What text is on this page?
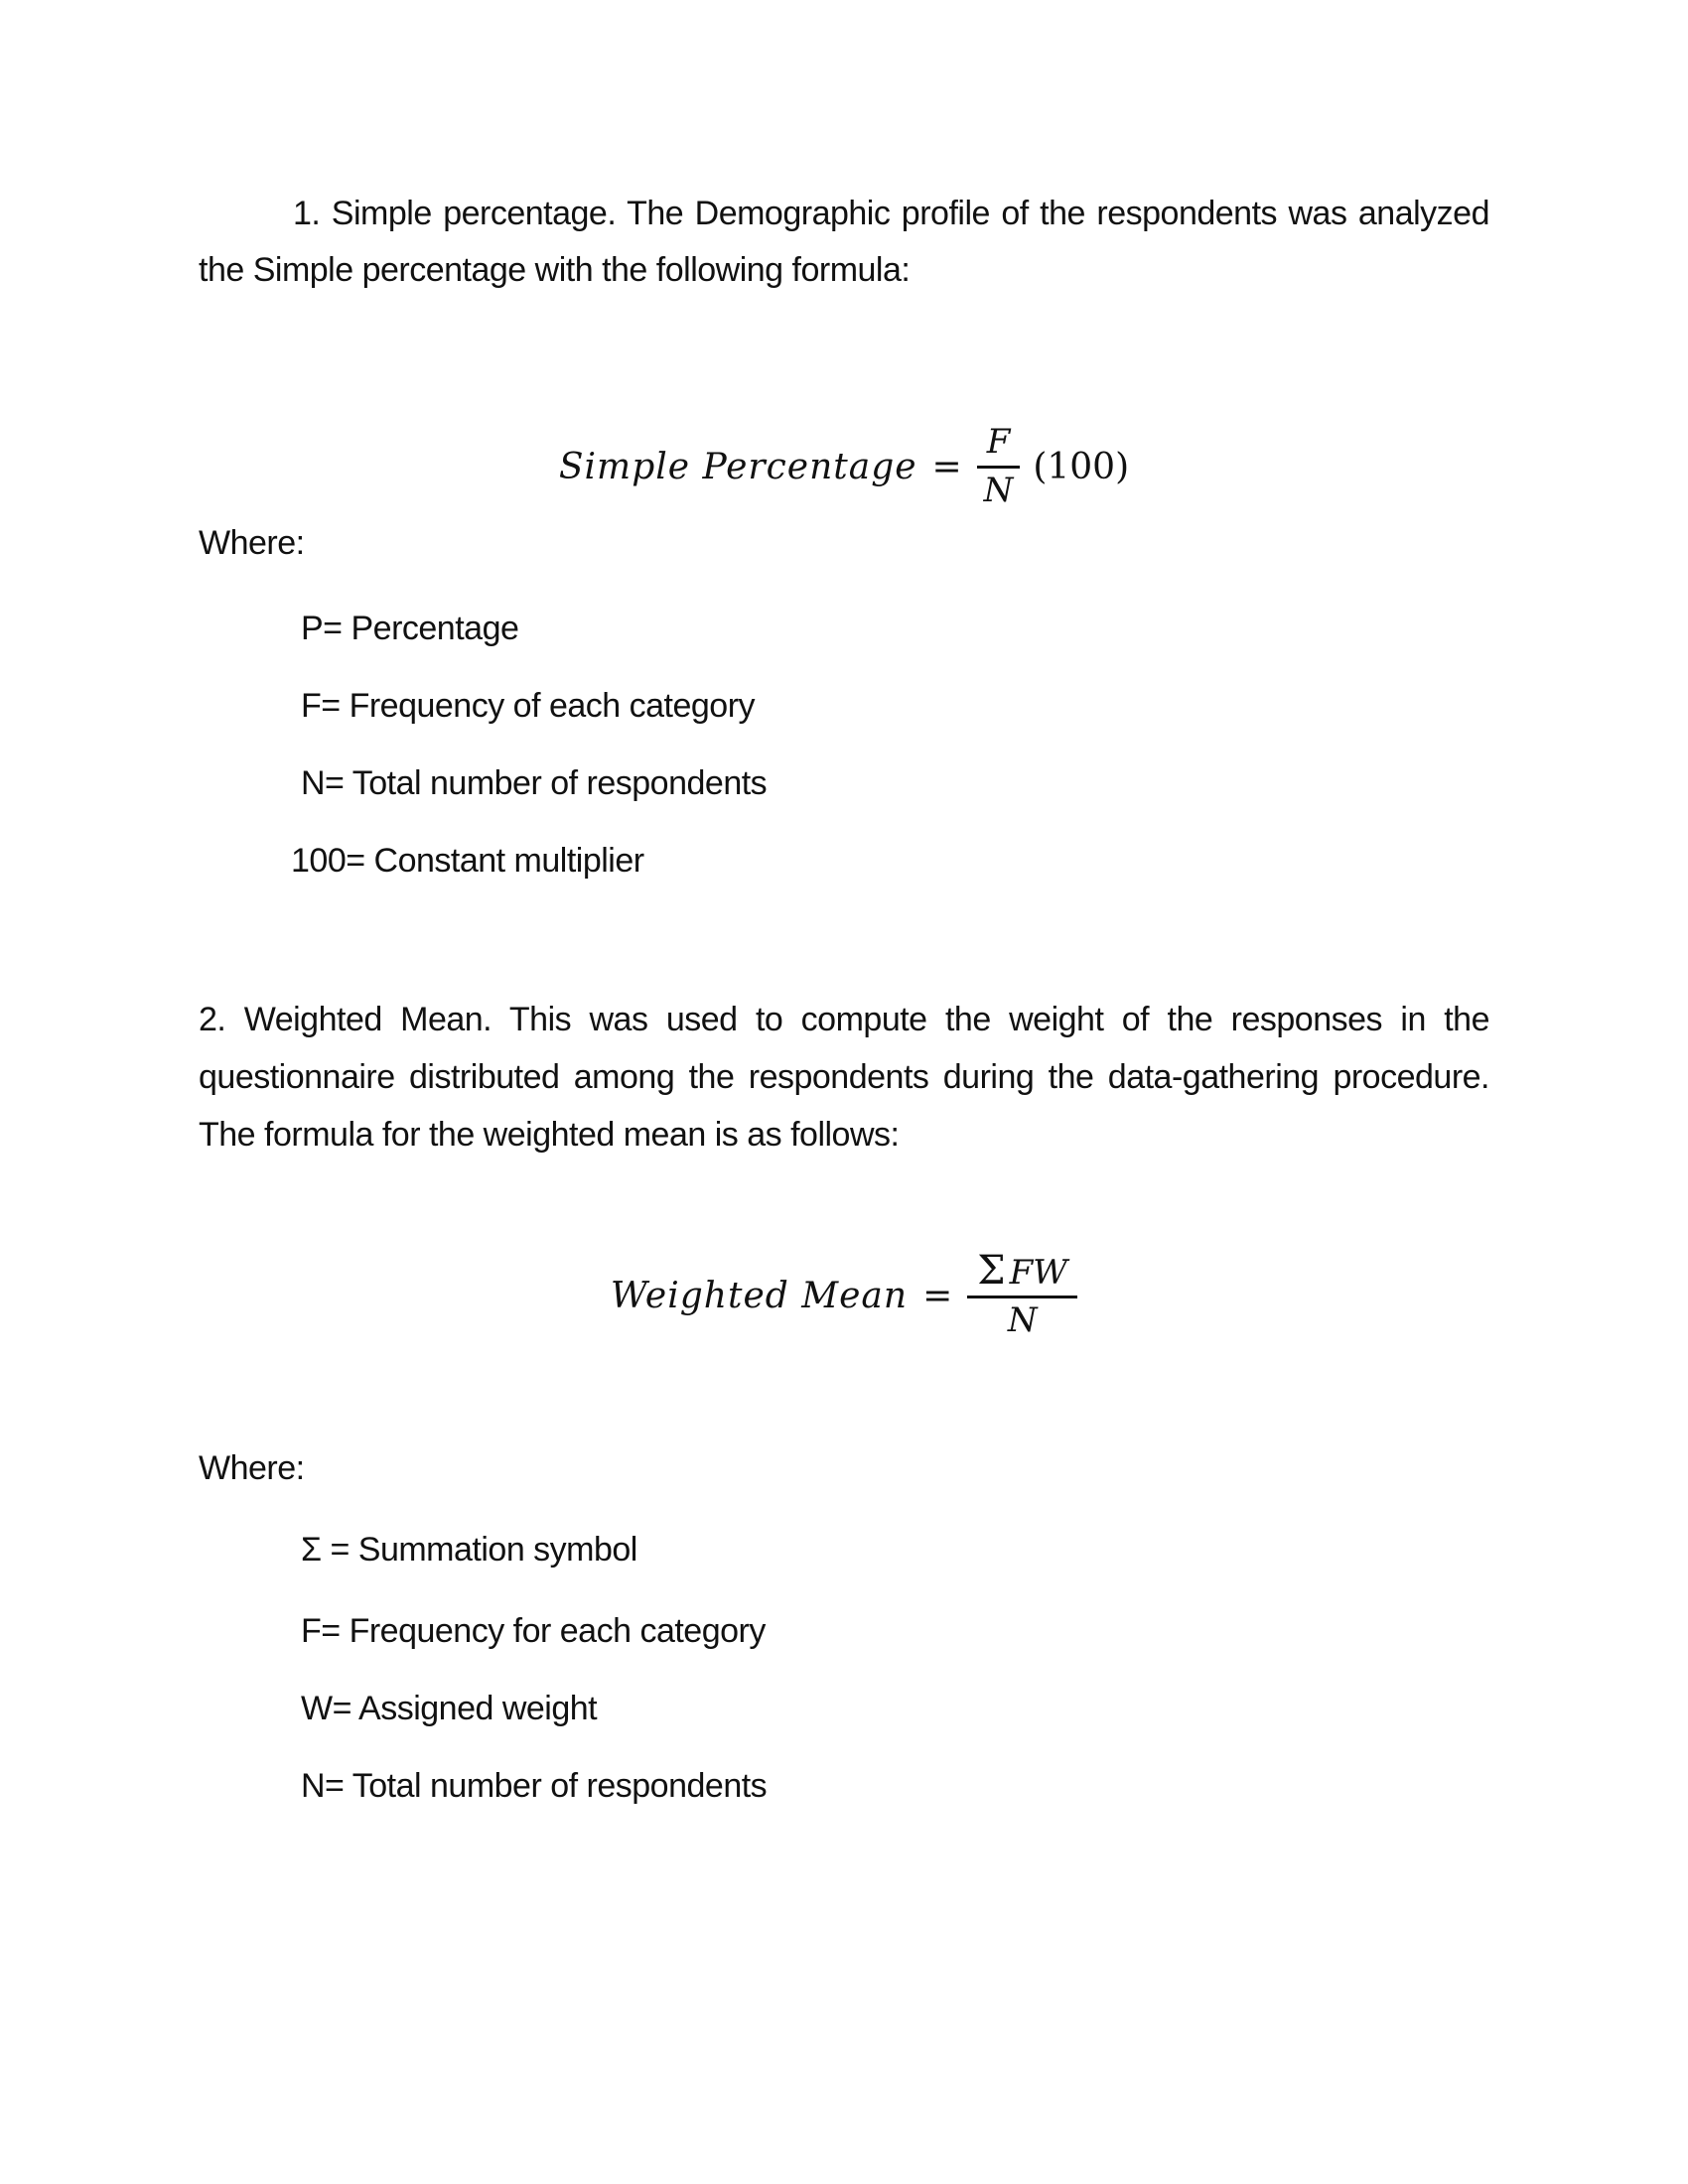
1. Simple percentage. The Demographic profile of the respondents was analyzed
the Simple percentage with the following formula:
Simple Percentage = $\frac{F}{N} (100)$
Where:
P= Percentage
F= Frequency of each category
N= Total number of respondents
100= Constant multiplier
2. Weighted Mean. This was used to compute the weight of the responses in the
questionnaire distributed among the respondents during the data-gathering procedure.
The formula for the weighted mean is as follows:
Weighted Mean = $\frac{\text{Σ FW}}{N}$
Where:
Σ = Summation symbol
F= Frequency for each category
W= Assigned weight
N= Total number of respondents
